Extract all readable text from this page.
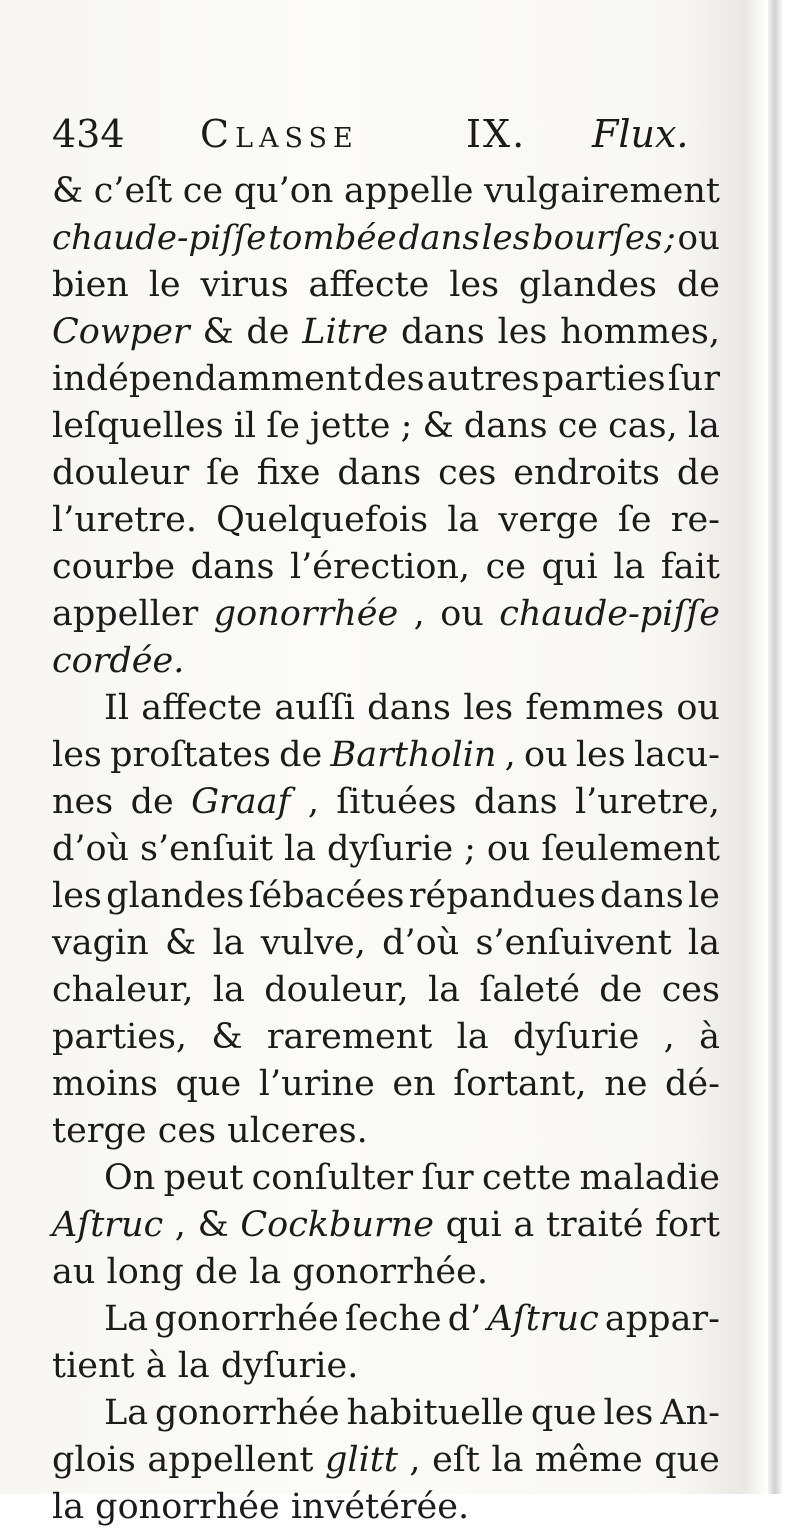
434 Classe	IX. Flux.
& c’eſt ce qu’on appelle vulgairement
chaude-piſſe tombée dans les bourſes ; ou
bien le virus affecte les glandes de
Cowper & de Litre dans les hommes,
indépendamment des autres parties ſur
leſquelles il ſe jette ; & dans ce cas, la
douleur ſe fixe dans ces endroits de
l’uretre. Quelquefois la verge ſe re-
courbe dans l’érection, ce qui la fait
appeller gonorrhée , ou chaude-piſſe
cordée.
Il affecte auſſi dans les femmes ou
les proſtates de Bartholin , ou les lacu-
nes de Graaf , ſituées dans l’uretre,
d’où s’enſuit la dyſurie ; ou ſeulement
les glandes ſébacées répandues dans le
vagin & la vulve, d’où s’enſuivent la
chaleur, la douleur, la ſaleté de ces
parties, & rarement la dyſurie , à
moins que l’urine en ſortant, ne dé-
terge ces ulceres.
On peut conſulter ſur cette maladie
Aſtruc , & Cockburne qui a traité fort
au long de la gonorrhée.
La gonorrhée ſeche d’ Aſtruc appar-
tient à la dyſurie.
La gonorrhée habituelle que les An-
glois appellent glitt , eſt la même que
la gonorrhée invétérée.
